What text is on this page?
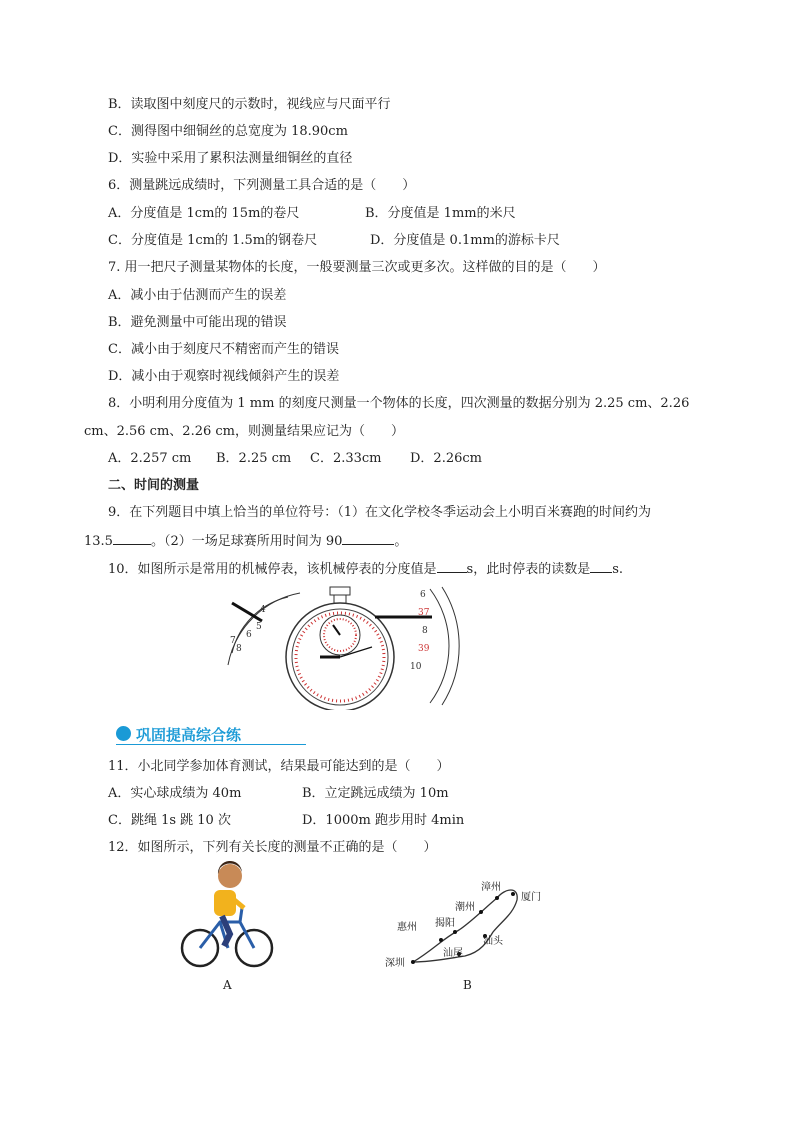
B．读取图中刻度尺的示数时，视线应与尺面平行
C．测得图中细铜丝的总宽度为 18.90cm
D．实验中采用了累积法测量细铜丝的直径
6．测量跳远成绩时，下列测量工具合适的是（　　）
A．分度值是 1cm的 15m的卷尺	B．分度值是 1mm的米尺
C．分度值是 1cm的 1.5m的钢卷尺	D．分度值是 0.1mm的游标卡尺
7. 用一把尺子测量某物体的长度，一般要测量三次或更多次。这样做的目的是（　　）
A．减小由于估测而产生的误差
B．避免测量中可能出现的错误
C．减小由于刻度尺不精密而产生的错误
D．减小由于观察时视线倾斜产生的误差
8．小明利用分度值为 1 mm 的刻度尺测量一个物体的长度，四次测量的数据分别为 2.25 cm、2.26
cm、2.56 cm、2.26 cm，则测量结果应记为（　　）
A．2.257 cm B．2.25 cm C．2.33cm D．2.26cm
二、时间的测量
9．在下列题目中填上恰当的单位符号：（1）在文化学校冬季运动会上小明百米赛跑的时间约为
13.5	。（2）一场足球赛所用时间为 90	。
10．如图所示是常用的机械停表，该机械停表的分度值是 s，此时停表的读数是 s.
4
5
6
7
8
6
37
8
39
10
巩固提高综合练
11．小北同学参加体育测试，结果最可能达到的是（　　）
A．实心球成绩为 40m	B．立定跳远成绩为 10m
C．跳绳 1s 跳 10 次	D．1000m 跑步用时 4min
12．如图所示，下列有关长度的测量不正确的是（　　）
漳州
厦门
潮州
揭阳
惠州
汕头
汕尾
深圳
A	B
